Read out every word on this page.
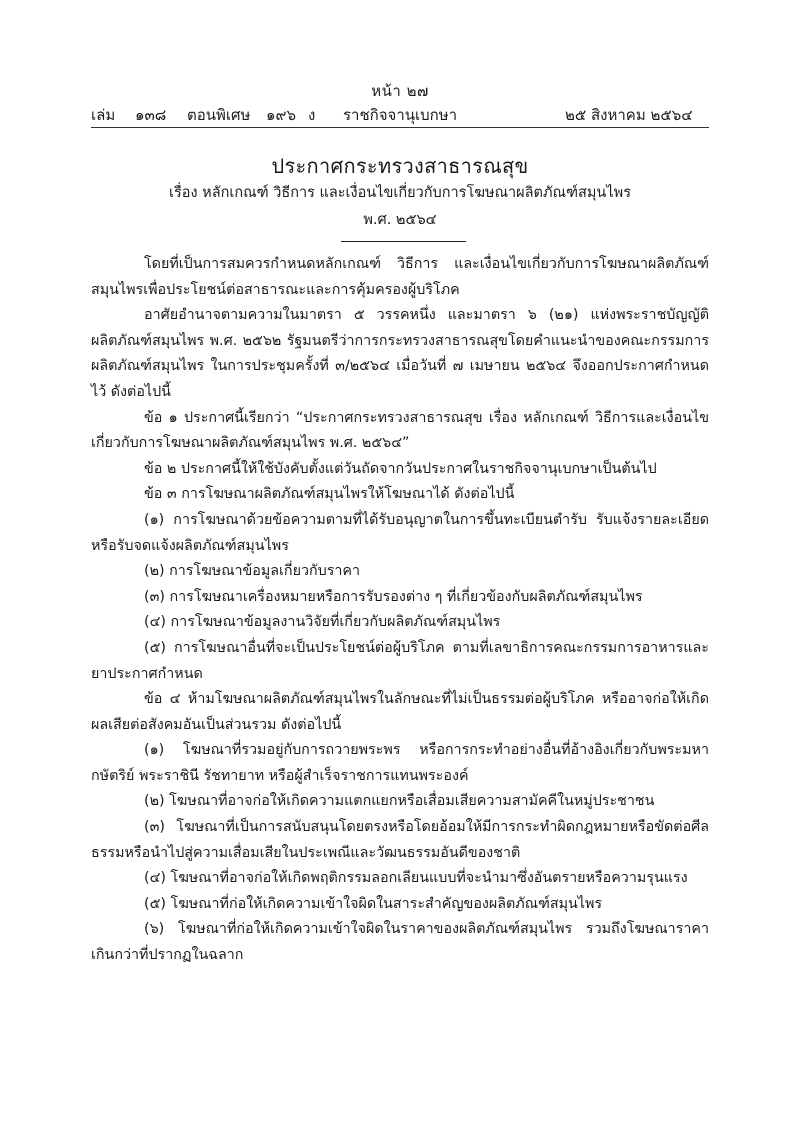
หน้า ๒๗
เล่ม ๑๓๘ ตอนพิเศษ ๑๙๖ ง ราชกิจจานุเบกษา	๒๕ สิงหาคม ๒๕๖๔
ประกาศกระทรวงสาธารณสุข
เรื่อง หลักเกณฑ์ วิธีการ และเงื่อนไขเกี่ยวกับการโฆษณาผลิตภัณฑ์สมุนไพร
พ.ศ. ๒๕๖๔

โดยที่เป็นการสมควรกำหนดหลักเกณฑ์ วิธีการ และเงื่อนไขเกี่ยวกับการโฆษณาผลิตภัณฑ์สมุนไพรเพื่อประโยชน์ต่อสาธารณะและการคุ้มครองผู้บริโภค

อาศัยอำนาจตามความในมาตรา ๕ วรรคหนึ่ง และมาตรา ๖ (๒๑) แห่งพระราชบัญญัติผลิตภัณฑ์สมุนไพร พ.ศ. ๒๕๖๒ รัฐมนตรีว่าการกระทรวงสาธารณสุขโดยคำแนะนำของคณะกรรมการผลิตภัณฑ์สมุนไพร ในการประชุมครั้งที่ ๓/๒๕๖๔ เมื่อวันที่ ๗ เมษายน ๒๕๖๔ จึงออกประกาศกำหนดไว้ ดังต่อไปนี้

ข้อ ๑ ประกาศนี้เรียกว่า “ประกาศกระทรวงสาธารณสุข เรื่อง หลักเกณฑ์ วิธีการและเงื่อนไขเกี่ยวกับการโฆษณาผลิตภัณฑ์สมุนไพร พ.ศ. ๒๕๖๔”

ข้อ ๒ ประกาศนี้ให้ใช้บังคับตั้งแต่วันถัดจากวันประกาศในราชกิจจานุเบกษาเป็นต้นไป

ข้อ ๓ การโฆษณาผลิตภัณฑ์สมุนไพรให้โฆษณาได้ ดังต่อไปนี้

(๑) การโฆษณาด้วยข้อความตามที่ได้รับอนุญาตในการขึ้นทะเบียนตำรับ รับแจ้งรายละเอียดหรือรับจดแจ้งผลิตภัณฑ์สมุนไพร

(๒) การโฆษณาข้อมูลเกี่ยวกับราคา

(๓) การโฆษณาเครื่องหมายหรือการรับรองต่าง ๆ ที่เกี่ยวข้องกับผลิตภัณฑ์สมุนไพร

(๔) การโฆษณาข้อมูลงานวิจัยที่เกี่ยวกับผลิตภัณฑ์สมุนไพร

(๕) การโฆษณาอื่นที่จะเป็นประโยชน์ต่อผู้บริโภค ตามที่เลขาธิการคณะกรรมการอาหารและยาประกาศกำหนด

ข้อ ๔ ห้ามโฆษณาผลิตภัณฑ์สมุนไพรในลักษณะที่ไม่เป็นธรรมต่อผู้บริโภค หรืออาจก่อให้เกิดผลเสียต่อสังคมอันเป็นส่วนรวม ดังต่อไปนี้

(๑) โฆษณาที่รวมอยู่กับการถวายพระพร หรือการกระทำอย่างอื่นที่อ้างอิงเกี่ยวกับพระมหากษัตริย์ พระราชินี รัชทายาท หรือผู้สำเร็จราชการแทนพระองค์

(๒) โฆษณาที่อาจก่อให้เกิดความแตกแยกหรือเสื่อมเสียความสามัคคีในหมู่ประชาชน

(๓) โฆษณาที่เป็นการสนับสนุนโดยตรงหรือโดยอ้อมให้มีการกระทำผิดกฎหมายหรือขัดต่อศีลธรรมหรือนำไปสู่ความเสื่อมเสียในประเพณีและวัฒนธรรมอันดีของชาติ

(๔) โฆษณาที่อาจก่อให้เกิดพฤติกรรมลอกเลียนแบบที่จะนำมาซึ่งอันตรายหรือความรุนแรง

(๕) โฆษณาที่ก่อให้เกิดความเข้าใจผิดในสาระสำคัญของผลิตภัณฑ์สมุนไพร

(๖) โฆษณาที่ก่อให้เกิดความเข้าใจผิดในราคาของผลิตภัณฑ์สมุนไพร รวมถึงโฆษณาราคาเกินกว่าที่ปรากฏในฉลาก
